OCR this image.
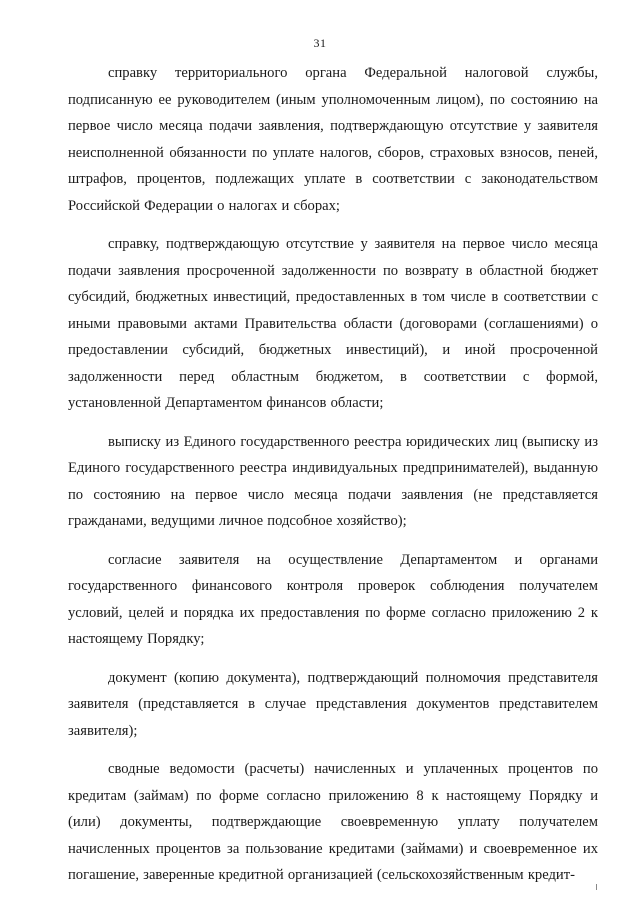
31

справку территориального органа Федеральной налоговой службы, подписанную ее руководителем (иным уполномоченным лицом), по состоянию на первое число месяца подачи заявления, подтверждающую отсутствие у заявителя неисполненной обязанности по уплате налогов, сборов, страховых взносов, пеней, штрафов, процентов, подлежащих уплате в соответствии с законодательством Российской Федерации о налогах и сборах;

справку, подтверждающую отсутствие у заявителя на первое число месяца подачи заявления просроченной задолженности по возврату в областной бюджет субсидий, бюджетных инвестиций, предоставленных в том числе в соответствии с иными правовыми актами Правительства области (договорами (соглашениями) о предоставлении субсидий, бюджетных инвестиций), и иной просроченной задолженности перед областным бюджетом, в соответствии с формой, установленной Департаментом финансов области;

выписку из Единого государственного реестра юридических лиц (выписку из Единого государственного реестра индивидуальных предпринимателей), выданную по состоянию на первое число месяца подачи заявления (не представляется гражданами, ведущими личное подсобное хозяйство);

согласие заявителя на осуществление Департаментом и органами государственного финансового контроля проверок соблюдения получателем условий, целей и порядка их предоставления по форме согласно приложению 2 к настоящему Порядку;

документ (копию документа), подтверждающий полномочия представителя заявителя (представляется в случае представления документов представителем заявителя);

сводные ведомости (расчеты) начисленных и уплаченных процентов по кредитам (займам) по форме согласно приложению 8 к настоящему Порядку и (или) документы, подтверждающие своевременную уплату получателем начисленных процентов за пользование кредитами (займами) и своевременное их погашение, заверенные кредитной организацией (сельскохозяйственным кредит-
